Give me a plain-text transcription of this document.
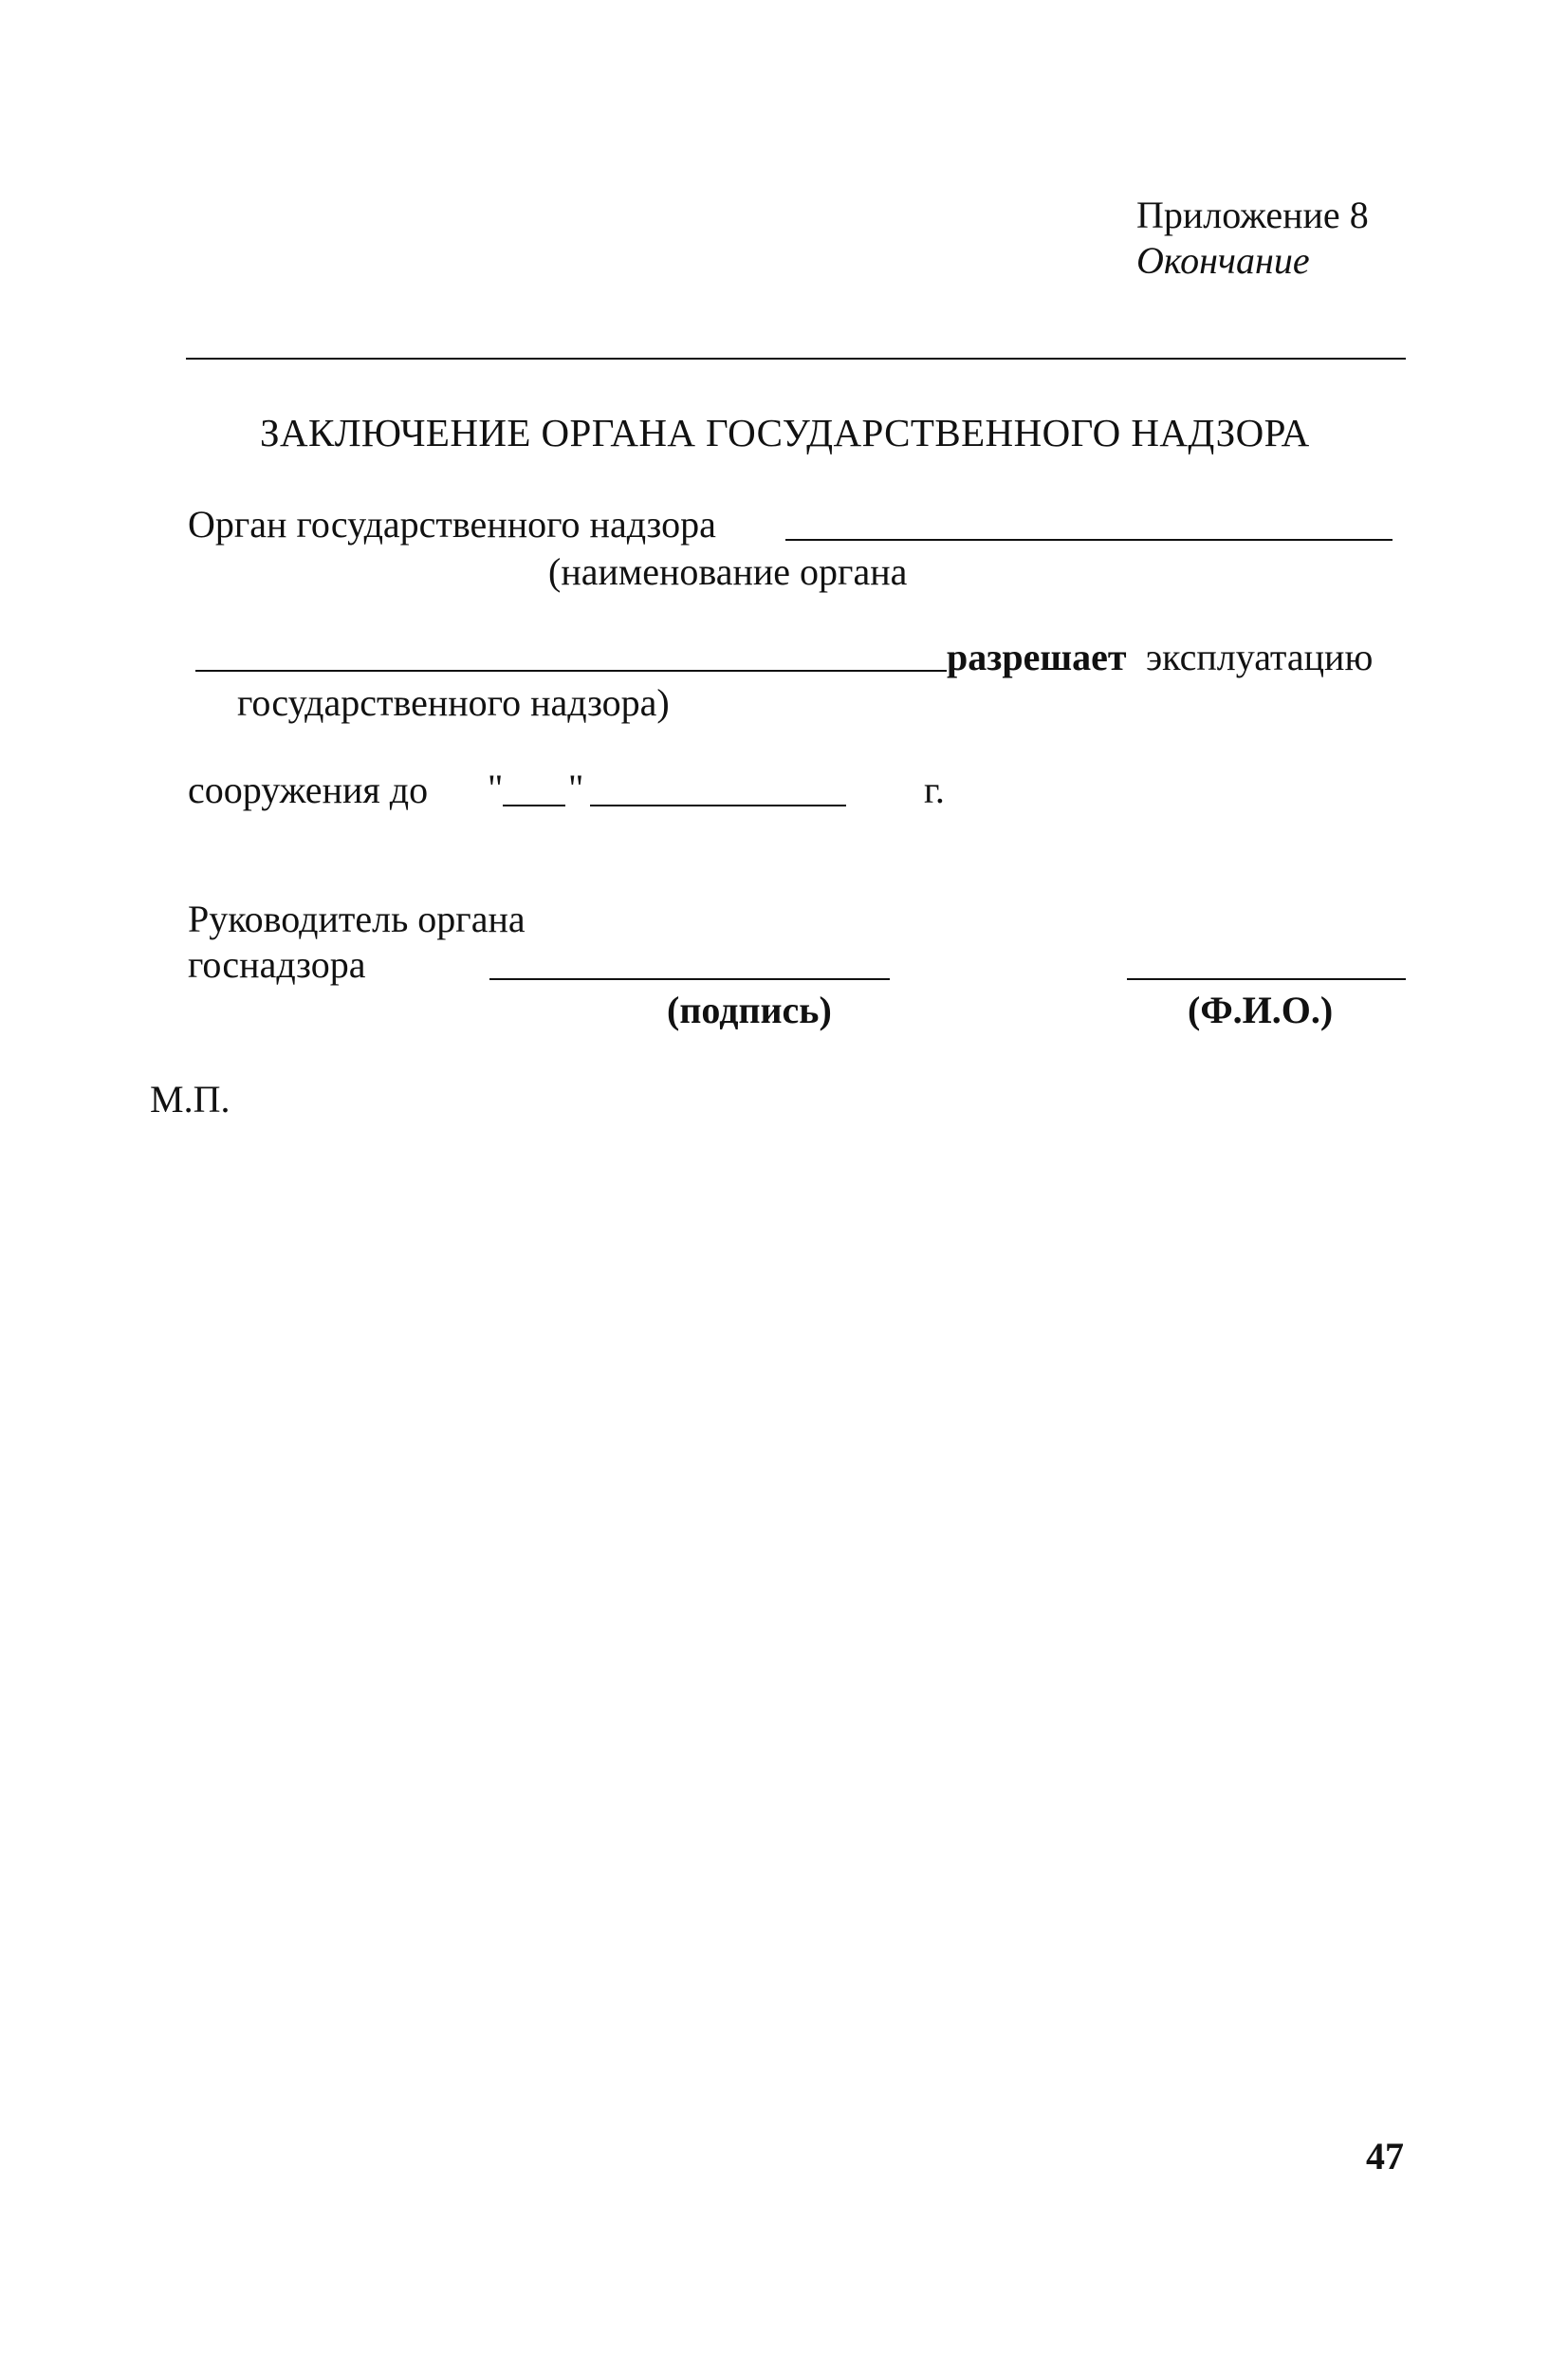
Приложение 8
Окончание
ЗАКЛЮЧЕНИЕ ОРГАНА ГОСУДАРСТВЕННОГО НАДЗОРА
Орган государственного надзора
(наименование органа
разрешает эксплуатацию
государственного надзора)
сооружения до " "	г.
Руководитель органа
госнадзора
(подпись)	(Ф.И.О.)
М.П.
47
